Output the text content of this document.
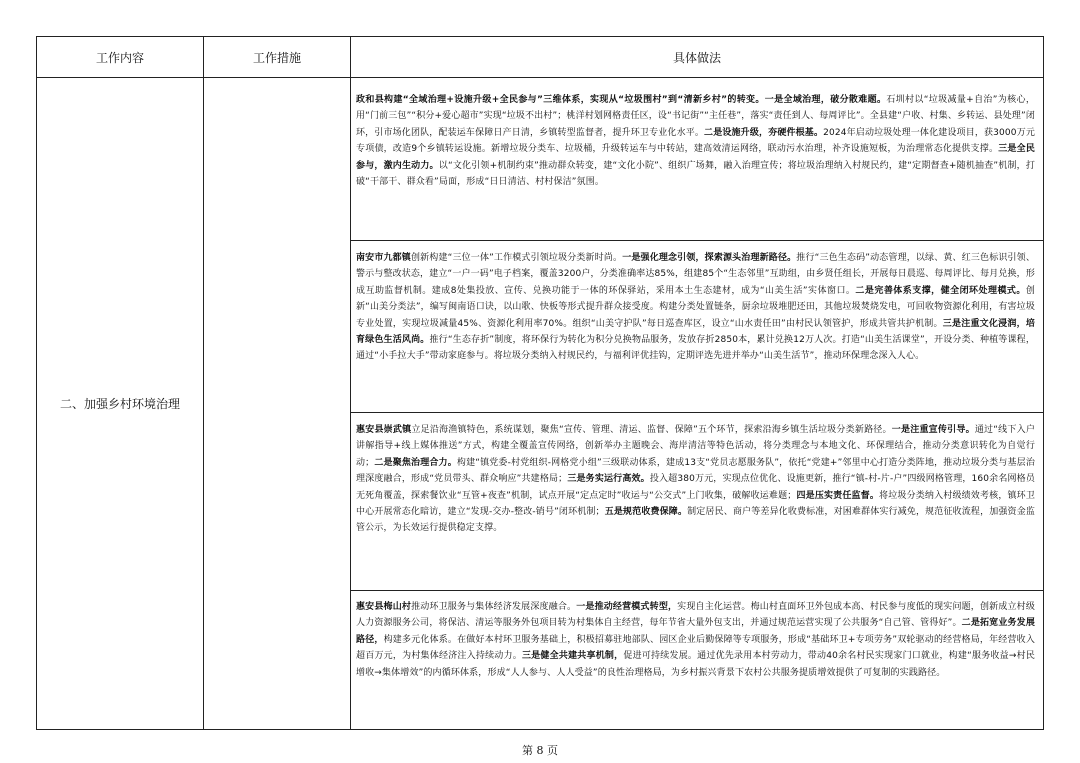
工作内容	工作措施	具体做法
二、加强乡村环境治理		政和县构建“全域治理+设施升级+全民参与”三维体系，实现从“垃圾围村”到“清新乡村”的转变。一是全域治理，破分散难题。石圳村以“垃圾减量+自治”为核心，用“门前三包”“积分+爱心超市”实现“垃圾不出村”；桃洋村划网格责任区，设“书记街”“主任巷”，落实“责任到人、每周评比”。全县建“户收、村集、乡转运、县处理”闭环，引市场化团队，配装运车保障日产日清，乡镇转型监督者，提升环卫专业化水平。二是设施升级，夯硬件根基。2024年启动垃圾处理一体化建设项目，获3000万元专项债，改造9个乡镇转运设施。新增垃圾分类车、垃圾桶，升级转运车与中转站，建高效清运网络，联动污水治理，补齐设施短板，为治理常态化提供支撑。三是全民参与，激内生动力。以“文化引领+机制约束”推动群众转变，建“文化小院”、组织广场舞，融入治理宣传；将垃圾治理纳入村规民约，建“定期督查+随机抽查”机制，打破“干部干、群众看”局面，形成“日日清洁、村村保洁”氛围。
南安市九都镇创新构建“三位一体”工作模式引领垃圾分类新时尚。一是强化理念引领，探索源头治理新路径。推行“三色生态码”动态管理，以绿、黄、红三色标识引领、警示与整改状态，建立“一户一码”电子档案，覆盖3200户，分类准确率达85%，组建85个“生态邻里”互助组，由乡贤任组长，开展每日晨巡、每周评比、每月兑换，形成互助监督机制。建成8处集投放、宣传、兑换功能于一体的环保驿站，采用本土生态建材，成为“山美生活”实体窗口。二是完善体系支撑，健全闭环处理模式。创新“山美分类法”，编写闽南语口诀，以山歌、快板等形式提升群众接受度。构建分类处置链条，厨余垃圾堆肥还田，其他垃圾焚烧发电，可回收物资源化利用，有害垃圾专业处置，实现垃圾减量45%、资源化利用率70%。组织“山美守护队”每日巡查库区，设立“山水责任田”由村民认领管护，形成共管共护机制。三是注重文化浸润，培育绿色生活风尚。推行“生态存折”制度，将环保行为转化为积分兑换物品服务，发放存折2850本，累计兑换12万人次。打造“山美生活课堂”，开设分类、种植等课程，通过“小手拉大手”带动家庭参与。将垃圾分类纳入村规民约，与福利评优挂钩，定期评选先进并举办“山美生活节”，推动环保理念深入人心。
惠安县崇武镇立足沿海渔镇特色，系统谋划，聚焦“宣传、管理、清运、监督、保障”五个环节，探索沿海乡镇生活垃圾分类新路径。一是注重宣传引导。通过“线下入户讲解指导+线上媒体推送”方式，构建全覆盖宣传网络，创新举办主题晚会、海岸清洁等特色活动，将分类理念与本地文化、环保理结合，推动分类意识转化为自觉行动；二是聚焦治理合力。构建“镇党委-村党组织-网格党小组”三级联动体系，建成13支“党员志愿服务队”，依托“党建+”邻里中心打造分类阵地，推动垃圾分类与基层治理深度融合，形成“党员带头、群众响应”共建格局；三是务实运行高效。投入超380万元，实现点位优化、设施更新，推行“镇-村-片-户”四级网格管理，160余名网格员无死角覆盖，探索餐饮业“互管+夜查”机制，试点开展“定点定时”收运与“公交式”上门收集，破解收运难题；四是压实责任监督。将垃圾分类纳入村级绩效考核，镇环卫中心开展常态化暗访，建立“发现-交办-整改-销号”闭环机制；五是规范收费保障。制定居民、商户等差异化收费标准，对困难群体实行减免，规范征收流程，加强资金监管公示，为长效运行提供稳定支撑。
惠安县梅山村推动环卫服务与集体经济发展深度融合。一是推动经营模式转型，实现自主化运营。梅山村直面环卫外包成本高、村民参与度低的现实问题，创新成立村级人力资源服务公司，将保洁、清运等服务外包项目转为村集体自主经营，每年节省大量外包支出，并通过规范运营实现了公共服务“自己管、管得好”。二是拓宽业务发展路径，构建多元化体系。在做好本村环卫服务基础上，积极招募驻地部队、园区企业后勤保障等专项服务，形成“基础环卫+专项劳务”双轮驱动的经营格局，年经营收入超百万元，为村集体经济注入持续动力。三是健全共建共享机制，促进可持续发展。通过优先录用本村劳动力，带动40余名村民实现家门口就业，构建“服务收益→村民增收→集体增效”的内循环体系，形成“人人参与、人人受益”的良性治理格局，为乡村振兴背景下农村公共服务提质增效提供了可复制的实践路径。
第 8 页
